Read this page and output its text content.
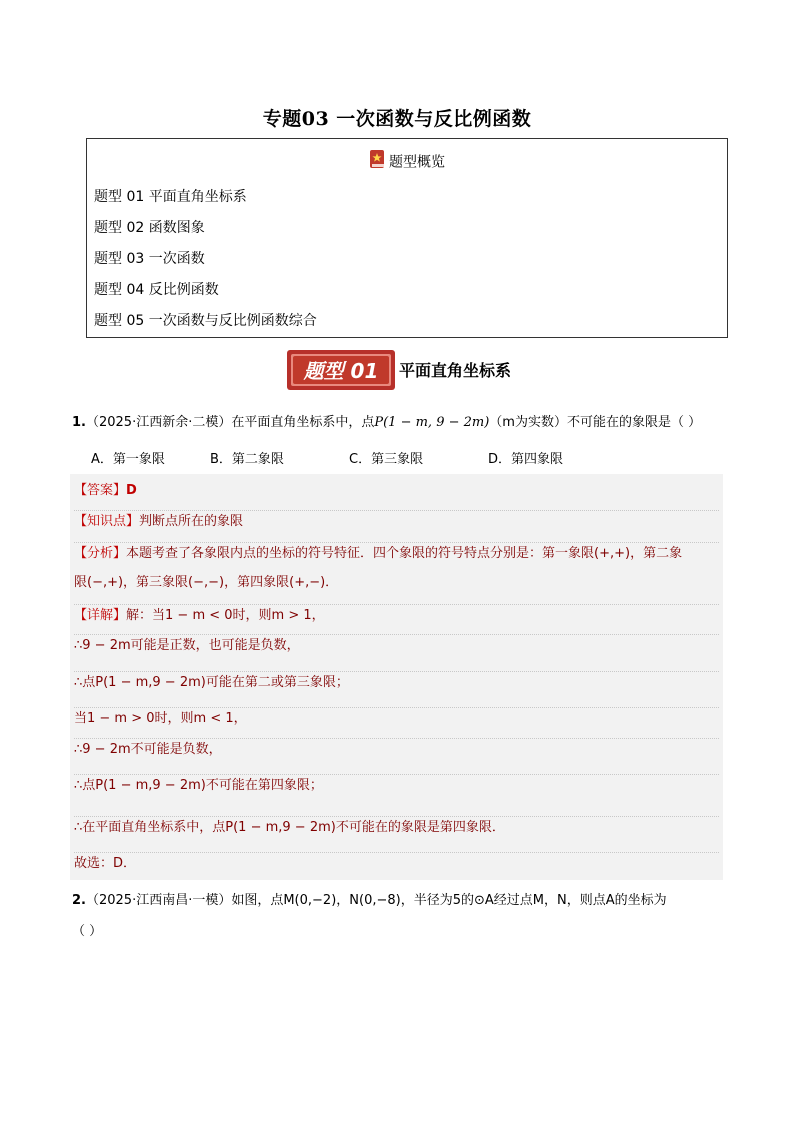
专题03 一次函数与反比例函数
题型概览
题型 01 平面直角坐标系
题型 02 函数图象
题型 03 一次函数
题型 04 反比例函数
题型 05 一次函数与反比例函数综合
题型 01 平面直角坐标系
1.（2025·江西新余·二模）在平面直角坐标系中，点P(1 − m, 9 − 2m)（m为实数）不可能在的象限是（ ）
A．第一象限	B．第二象限	C．第三象限	D．第四象限
【答案】D
【知识点】判断点所在的象限
【分析】本题考查了各象限内点的坐标的符号特征．四个象限的符号特点分别是：第一象限(+,+)，第二象
限(−,+)，第三象限(−,−)，第四象限(+,−)．
【详解】解：当1 − m < 0时，则m > 1，
∴9 − 2m可能是正数，也可能是负数，
∴点P(1 − m,9 − 2m)可能在第二或第三象限；
当1 − m > 0时，则m < 1，
∴9 − 2m不可能是负数，
∴点P(1 − m,9 − 2m)不可能在第四象限；
∴在平面直角坐标系中，点P(1 − m,9 − 2m)不可能在的象限是第四象限．
故选：D．
2.（2025·江西南昌·一模）如图，点M(0,−2)，N(0,−8)，半径为5的⊙A经过点M，N，则点A的坐标为
（ ）
